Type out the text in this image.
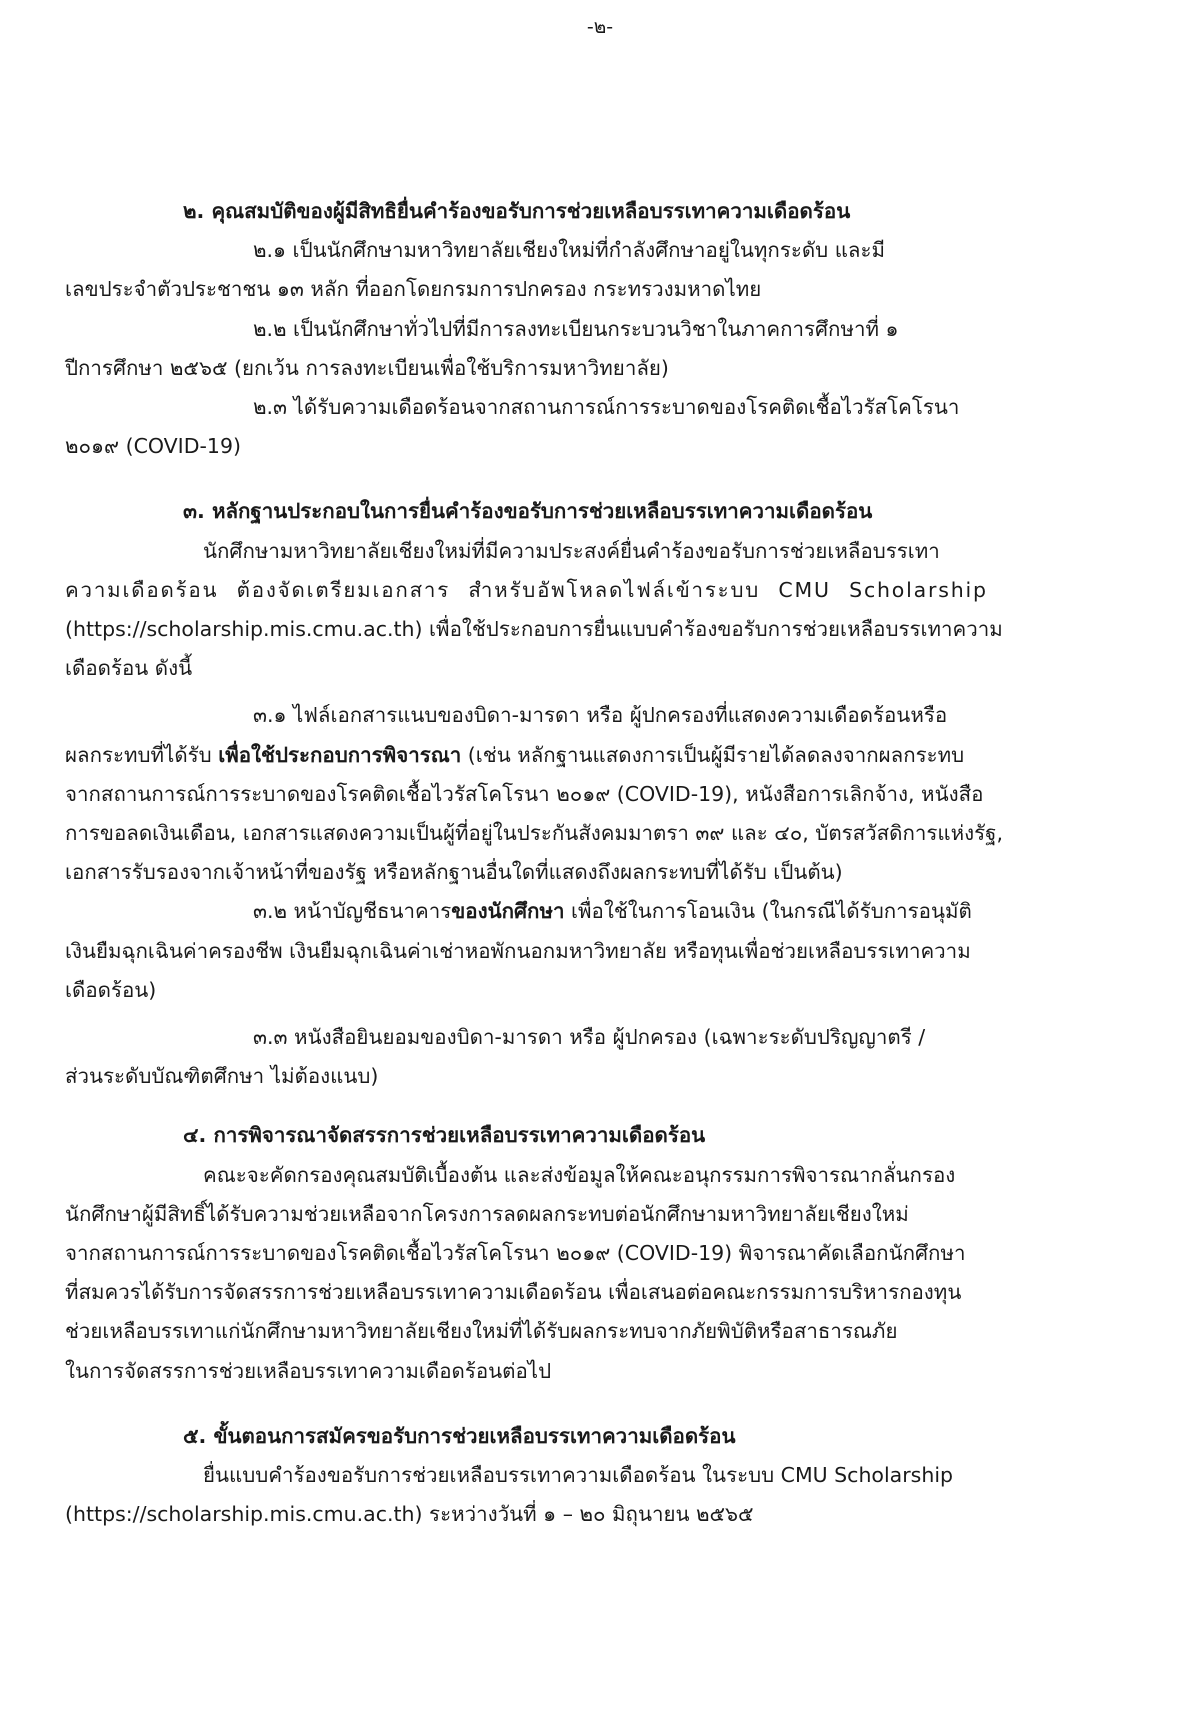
-๒-

๒. คุณสมบัติของผู้มีสิทธิยื่นคำร้องขอรับการช่วยเหลือบรรเทาความเดือดร้อน

๒.๑ เป็นนักศึกษามหาวิทยาลัยเชียงใหม่ที่กำลังศึกษาอยู่ในทุกระดับ และมี
เลขประจำตัวประชาชน ๑๓ หลัก ที่ออกโดยกรมการปกครอง กระทรวงมหาดไทย

๒.๒ เป็นนักศึกษาทั่วไปที่มีการลงทะเบียนกระบวนวิชาในภาคการศึกษาที่ ๑
ปีการศึกษา ๒๕๖๕ (ยกเว้น การลงทะเบียนเพื่อใช้บริการมหาวิทยาลัย)

๒.๓ ได้รับความเดือดร้อนจากสถานการณ์การระบาดของโรคติดเชื้อไวรัสโคโรนา
๒๐๑๙ (COVID-19)

๓. หลักฐานประกอบในการยื่นคำร้องขอรับการช่วยเหลือบรรเทาความเดือดร้อน

นักศึกษามหาวิทยาลัยเชียงใหม่ที่มีความประสงค์ยื่นคำร้องขอรับการช่วยเหลือบรรเทา
ความเดือดร้อน ต้องจัดเตรียมเอกสาร สำหรับอัพโหลดไฟล์เข้าระบบ CMU Scholarship
(https://scholarship.mis.cmu.ac.th) เพื่อใช้ประกอบการยื่นแบบคำร้องขอรับการช่วยเหลือบรรเทาความ
เดือดร้อน ดังนี้

๓.๑ ไฟล์เอกสารแนบของบิดา-มารดา หรือ ผู้ปกครองที่แสดงความเดือดร้อนหรือ
ผลกระทบที่ได้รับ เพื่อใช้ประกอบการพิจารณา (เช่น หลักฐานแสดงการเป็นผู้มีรายได้ลดลงจากผลกระทบ
จากสถานการณ์การระบาดของโรคติดเชื้อไวรัสโคโรนา ๒๐๑๙ (COVID-19), หนังสือการเลิกจ้าง, หนังสือ
การขอลดเงินเดือน, เอกสารแสดงความเป็นผู้ที่อยู่ในประกันสังคมมาตรา ๓๙ และ ๔๐, บัตรสวัสดิการแห่งรัฐ,
เอกสารรับรองจากเจ้าหน้าที่ของรัฐ หรือหลักฐานอื่นใดที่แสดงถึงผลกระทบที่ได้รับ เป็นต้น)

๓.๒ หน้าบัญชีธนาคารของนักศึกษา เพื่อใช้ในการโอนเงิน (ในกรณีได้รับการอนุมัติ
เงินยืมฉุกเฉินค่าครองชีพ เงินยืมฉุกเฉินค่าเช่าหอพักนอกมหาวิทยาลัย หรือทุนเพื่อช่วยเหลือบรรเทาความ
เดือดร้อน)

๓.๓ หนังสือยินยอมของบิดา-มารดา หรือ ผู้ปกครอง (เฉพาะระดับปริญญาตรี /
ส่วนระดับบัณฑิตศึกษา ไม่ต้องแนบ)

๔. การพิจารณาจัดสรรการช่วยเหลือบรรเทาความเดือดร้อน

คณะจะคัดกรองคุณสมบัติเบื้องต้น และส่งข้อมูลให้คณะอนุกรรมการพิจารณากลั่นกรอง
นักศึกษาผู้มีสิทธิ์ได้รับความช่วยเหลือจากโครงการลดผลกระทบต่อนักศึกษามหาวิทยาลัยเชียงใหม่
จากสถานการณ์การระบาดของโรคติดเชื้อไวรัสโคโรนา ๒๐๑๙ (COVID-19) พิจารณาคัดเลือกนักศึกษา
ที่สมควรได้รับการจัดสรรการช่วยเหลือบรรเทาความเดือดร้อน เพื่อเสนอต่อคณะกรรมการบริหารกองทุน
ช่วยเหลือบรรเทาแก่นักศึกษามหาวิทยาลัยเชียงใหม่ที่ได้รับผลกระทบจากภัยพิบัติหรือสาธารณภัย
ในการจัดสรรการช่วยเหลือบรรเทาความเดือดร้อนต่อไป

๕. ขั้นตอนการสมัครขอรับการช่วยเหลือบรรเทาความเดือดร้อน

ยื่นแบบคำร้องขอรับการช่วยเหลือบรรเทาความเดือดร้อน ในระบบ CMU Scholarship
(https://scholarship.mis.cmu.ac.th) ระหว่างวันที่ ๑ – ๒๐ มิถุนายน ๒๕๖๕
